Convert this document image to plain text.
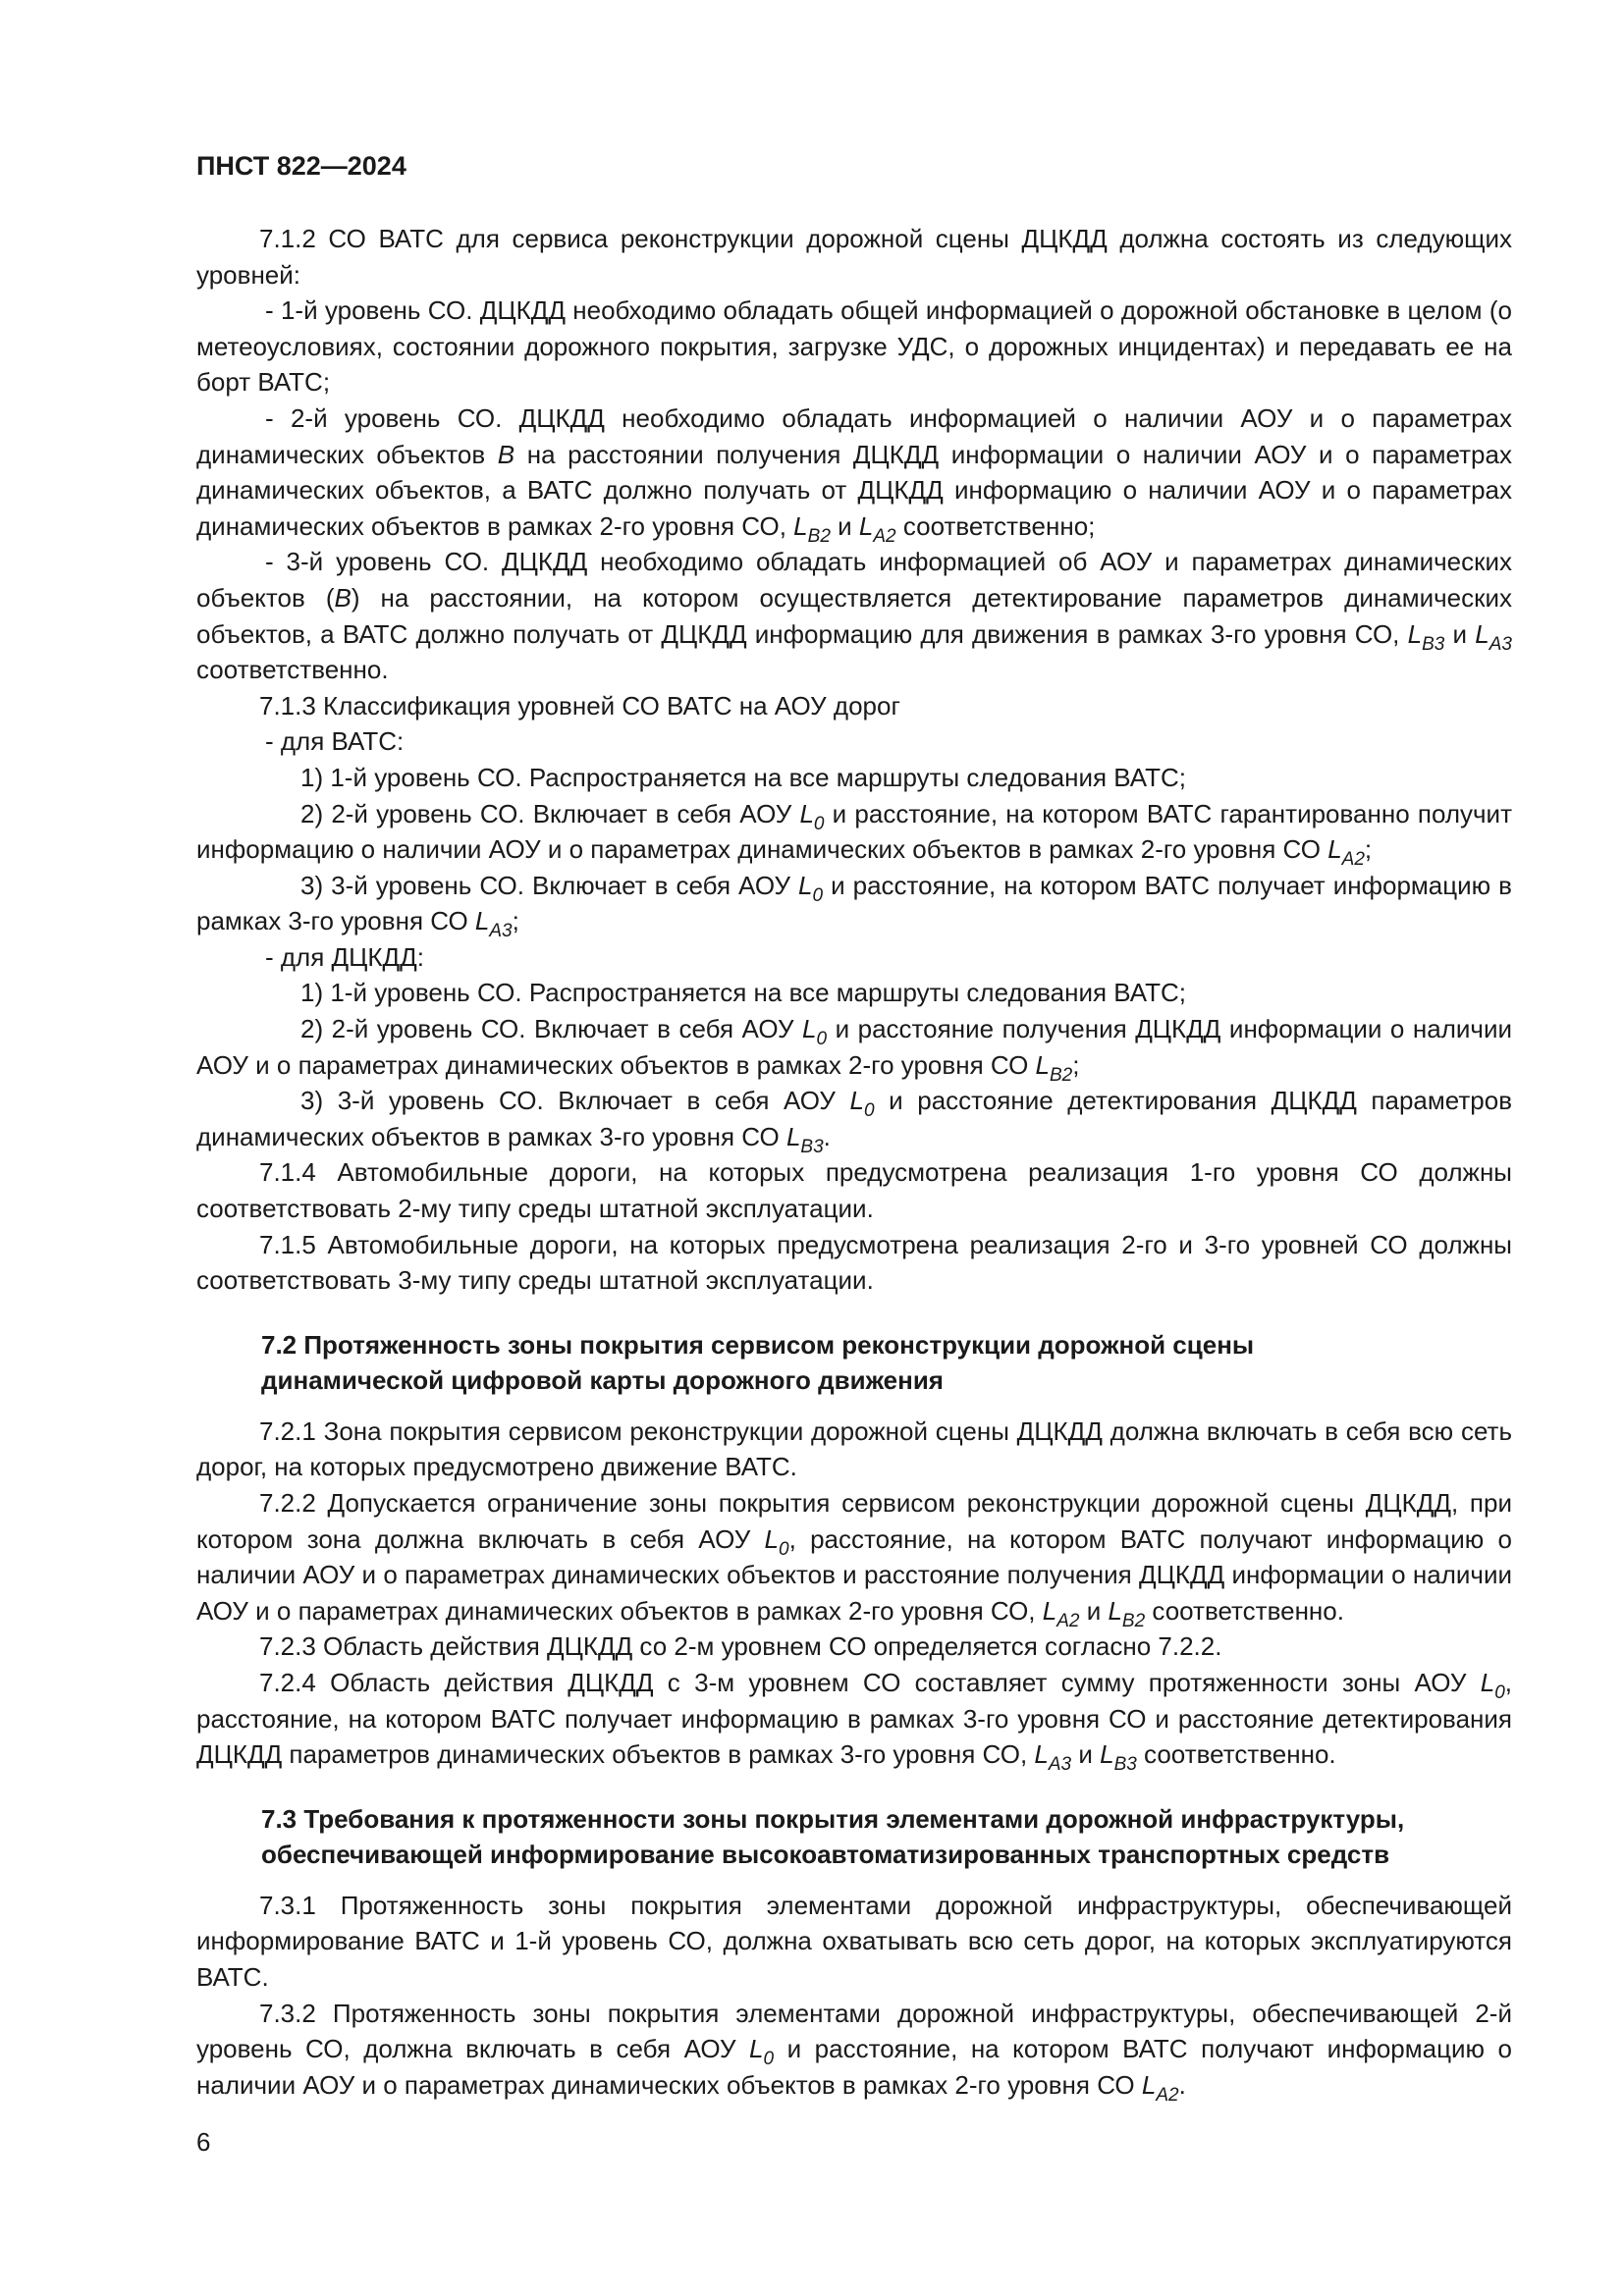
ПНСТ 822—2024

7.1.2 СО ВАТС для сервиса реконструкции дорожной сцены ДЦКДД должна состоять из следующих уровней:

- 1-й уровень СО. ДЦКДД необходимо обладать общей информацией о дорожной обстановке в целом (о метеоусловиях, состоянии дорожного покрытия, загрузке УДС, о дорожных инцидентах) и передавать ее на борт ВАТС;

- 2-й уровень СО. ДЦКДД необходимо обладать информацией о наличии АОУ и о параметрах динамических объектов B на расстоянии получения ДЦКДД информации о наличии АОУ и о параметрах динамических объектов, а ВАТС должно получать от ДЦКДД информацию о наличии АОУ и о параметрах динамических объектов в рамках 2-го уровня СО, $L_{B2}$ и $L_{A2}$ соответственно;

- 3-й уровень СО. ДЦКДД необходимо обладать информацией об АОУ и параметрах динамических объектов (B) на расстоянии, на котором осуществляется детектирование параметров динамических объектов, а ВАТС должно получать от ДЦКДД информацию для движения в рамках 3-го уровня СО, $L_{B3}$ и $L_{A3}$ соответственно.

7.1.3 Классификация уровней СО ВАТС на АОУ дорог

- для ВАТС:

1) 1-й уровень СО. Распространяется на все маршруты следования ВАТС;

2) 2-й уровень СО. Включает в себя АОУ $L_0$ и расстояние, на котором ВАТС гарантированно получит информацию о наличии АОУ и о параметрах динамических объектов в рамках 2-го уровня СО $L_{A2}$;

3) 3-й уровень СО. Включает в себя АОУ $L_0$ и расстояние, на котором ВАТС получает информацию в рамках 3-го уровня СО $L_{A3}$;

- для ДЦКДД:

1) 1-й уровень СО. Распространяется на все маршруты следования ВАТС;

2) 2-й уровень СО. Включает в себя АОУ $L_0$ и расстояние получения ДЦКДД информации о наличии АОУ и о параметрах динамических объектов в рамках 2-го уровня СО $L_{B2}$;

3) 3-й уровень СО. Включает в себя АОУ $L_0$ и расстояние детектирования ДЦКДД параметров динамических объектов в рамках 3-го уровня СО $L_{B3}$.

7.1.4 Автомобильные дороги, на которых предусмотрена реализация 1-го уровня СО должны соответствовать 2-му типу среды штатной эксплуатации.

7.1.5 Автомобильные дороги, на которых предусмотрена реализация 2-го и 3-го уровней СО должны соответствовать 3-му типу среды штатной эксплуатации.

7.2 Протяженность зоны покрытия сервисом реконструкции дорожной сцены
динамической цифровой карты дорожного движения

7.2.1 Зона покрытия сервисом реконструкции дорожной сцены ДЦКДД должна включать в себя всю сеть дорог, на которых предусмотрено движение ВАТС.

7.2.2 Допускается ограничение зоны покрытия сервисом реконструкции дорожной сцены ДЦКДД, при котором зона должна включать в себя АОУ $L_0$, расстояние, на котором ВАТС получают информацию о наличии АОУ и о параметрах динамических объектов и расстояние получения ДЦКДД информации о наличии АОУ и о параметрах динамических объектов в рамках 2-го уровня СО, $L_{A2}$ и $L_{B2}$ соответственно.

7.2.3 Область действия ДЦКДД со 2-м уровнем СО определяется согласно 7.2.2.

7.2.4 Область действия ДЦКДД с 3-м уровнем СО составляет сумму протяженности зоны АОУ $L_0$, расстояние, на котором ВАТС получает информацию в рамках 3-го уровня СО и расстояние детектирования ДЦКДД параметров динамических объектов в рамках 3-го уровня СО, $L_{A3}$ и $L_{B3}$ соответственно.

7.3 Требования к протяженности зоны покрытия элементами дорожной инфраструктуры,
обеспечивающей информирование высокоавтоматизированных транспортных средств

7.3.1 Протяженность зоны покрытия элементами дорожной инфраструктуры, обеспечивающей информирование ВАТС и 1-й уровень СО, должна охватывать всю сеть дорог, на которых эксплуатируются ВАТС.

7.3.2 Протяженность зоны покрытия элементами дорожной инфраструктуры, обеспечивающей 2-й уровень СО, должна включать в себя АОУ $L_0$ и расстояние, на котором ВАТС получают информацию о наличии АОУ и о параметрах динамических объектов в рамках 2-го уровня СО $L_{A2}$.

6
